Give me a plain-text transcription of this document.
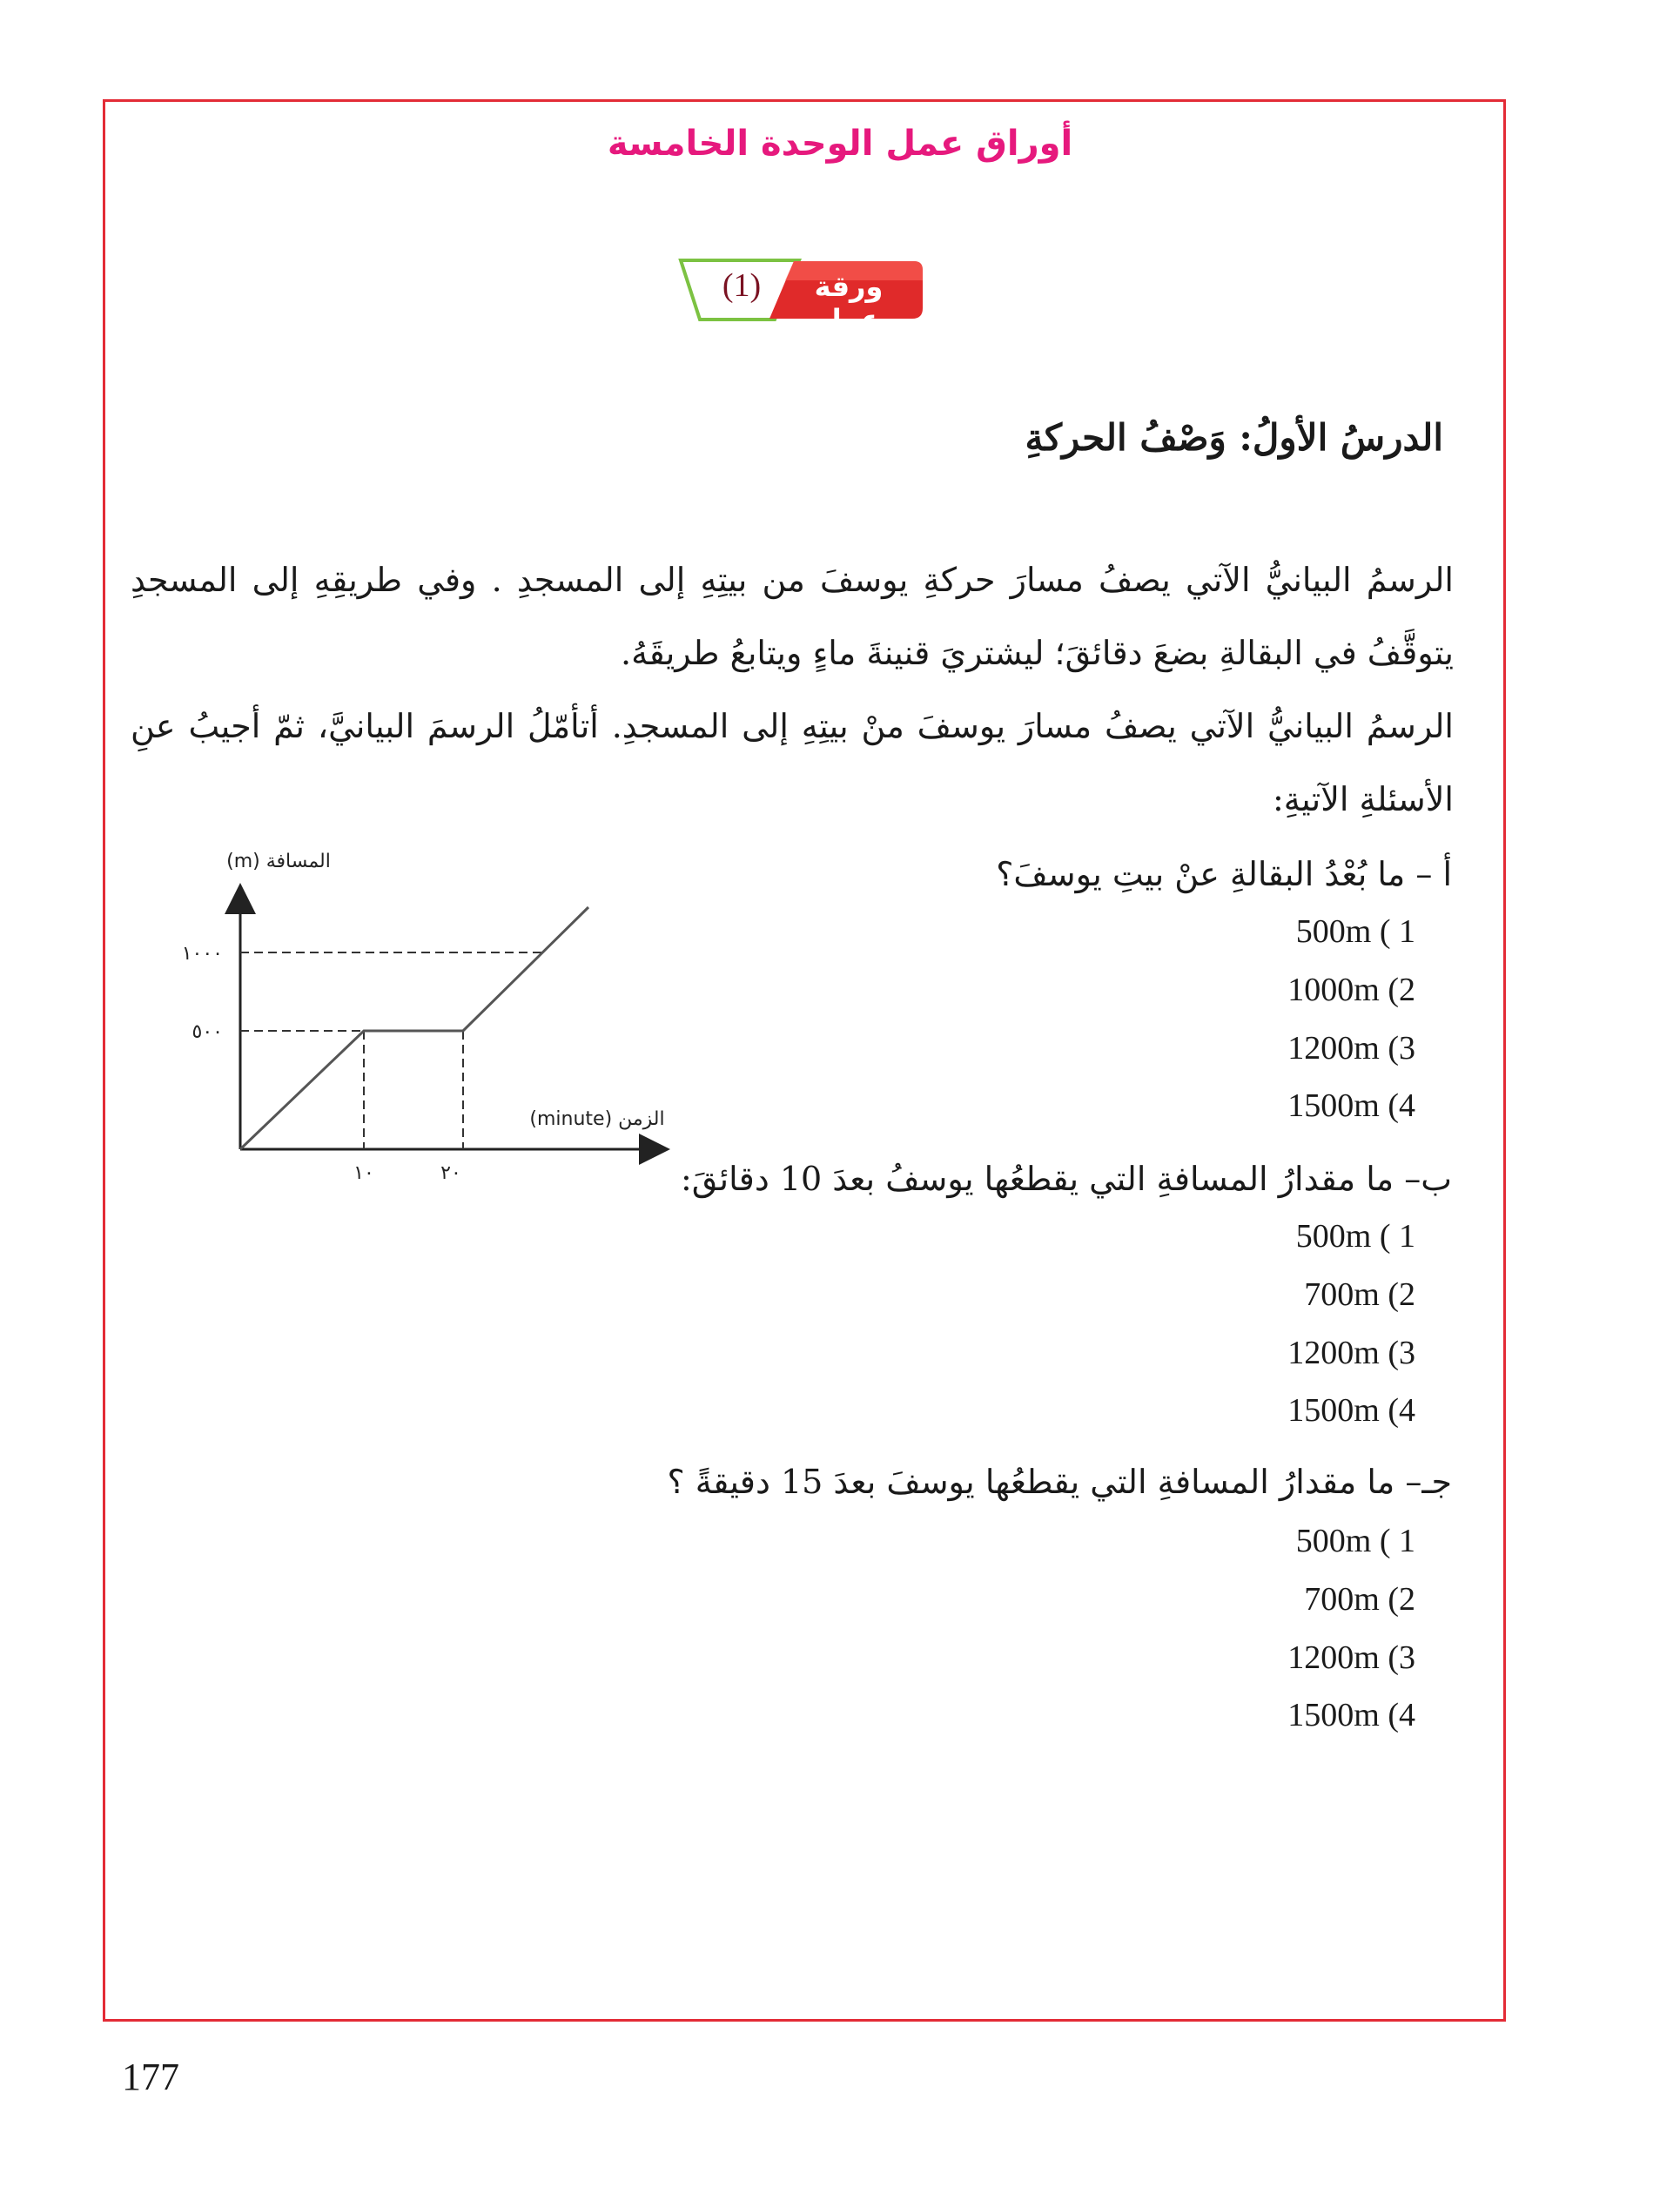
أوراق عمل الوحدة الخامسة
(1)	ورقة عمل
الدرسُ الأولُ: وَصْفُ الحركةِ

الرسمُ البيانيُّ الآتي يصفُ مسارَ حركةِ يوسفَ من بيتِهِ إلى المسجدِ . وفي طريقِهِ إلى المسجدِ يتوقَّفُ في البقالةِ بضعَ دقائقَ؛ ليشتريَ قنينةَ ماءٍ ويتابعُ طريقَهُ.

الرسمُ البيانيُّ الآتي يصفُ مسارَ يوسفَ منْ بيتِهِ إلى المسجدِ. أتأمّلُ الرسمَ البيانيَّ، ثمّ أجيبُ عنِ الأسئلةِ الآتيةِ:

أ – ما بُعْدُ البقالةِ عنْ بيتِ يوسفَ؟
500m ( 1
1000m (2
1200m (3
1500m (4
ب– ما مقدارُ المسافةِ التي يقطعُها يوسفُ بعدَ 10 دقائقَ:
500m ( 1
700m (2
1200m (3
1500m (4
جـ– ما مقدارُ المسافةِ التي يقطعُها يوسفَ بعدَ 15 دقيقةً ؟
500m ( 1
700m (2
1200m (3
1500m (4
المسافة (m)
الزمن (minute)
١٠٠٠
٥٠٠
١٠	٢٠
177
